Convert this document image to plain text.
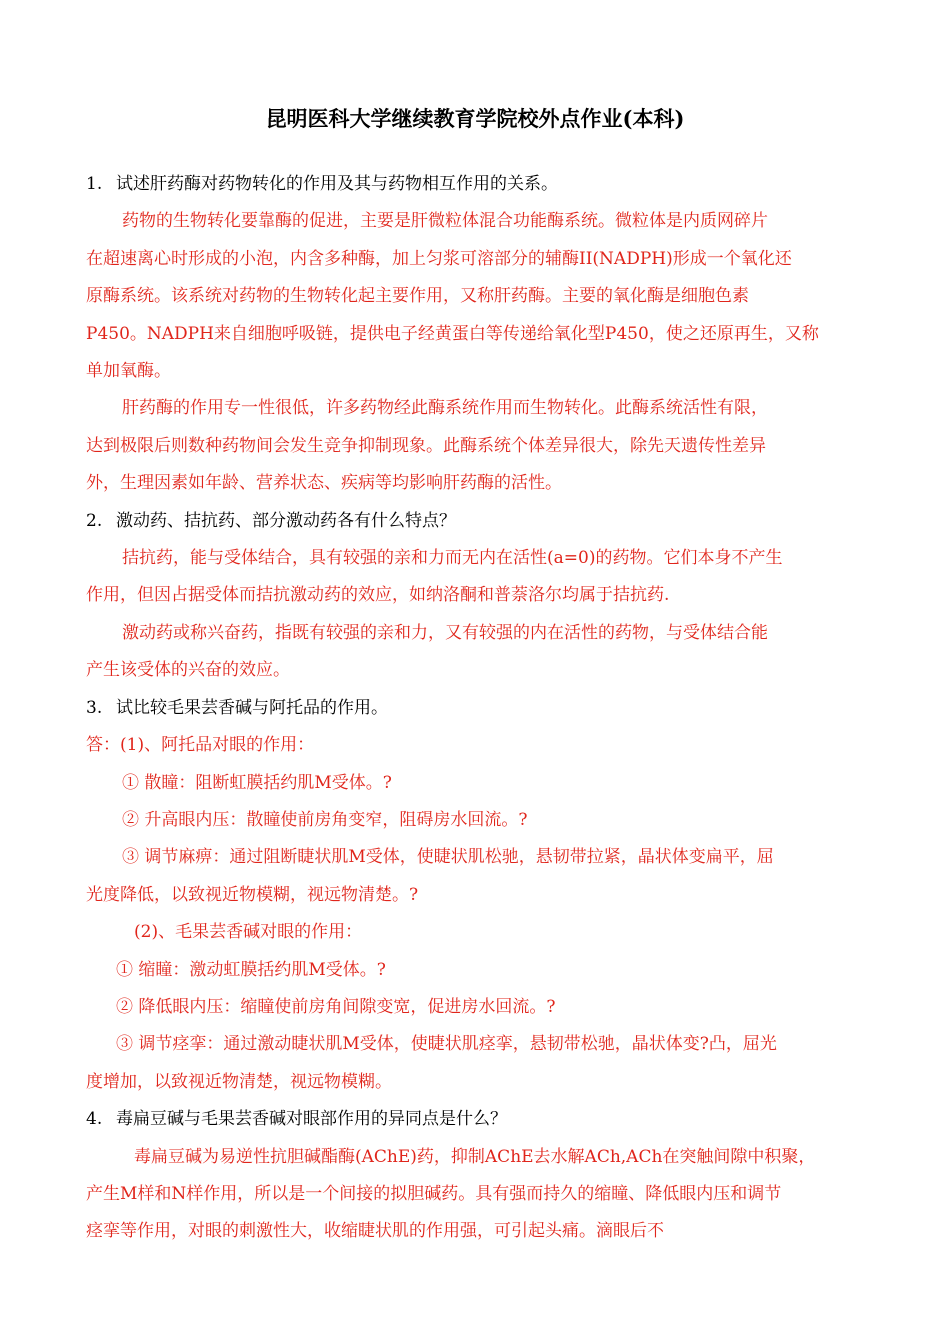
昆明医科大学继续教育学院校外点作业(本科)

1. 试述肝药酶对药物转化的作用及其与药物相互作用的关系。

药物的生物转化要靠酶的促进，主要是肝微粒体混合功能酶系统。微粒体是内质网碎片

在超速离心时形成的小泡，内含多种酶，加上匀浆可溶部分的辅酶II(NADPH)形成一个氧化还

原酶系统。该系统对药物的生物转化起主要作用，又称肝药酶。主要的氧化酶是细胞色素

P450。NADPH来自细胞呼吸链，提供电子经黄蛋白等传递给氧化型P450，使之还原再生，又称

单加氧酶。

肝药酶的作用专一性很低，许多药物经此酶系统作用而生物转化。此酶系统活性有限，

达到极限后则数种药物间会发生竞争抑制现象。此酶系统个体差异很大，除先天遗传性差异

外，生理因素如年龄、营养状态、疾病等均影响肝药酶的活性。

2. 激动药、拮抗药、部分激动药各有什么特点？

拮抗药，能与受体结合，具有较强的亲和力而无内在活性(a=0)的药物。它们本身不产生

作用，但因占据受体而拮抗激动药的效应，如纳洛酮和普萘洛尔均属于拮抗药.

激动药或称兴奋药，指既有较强的亲和力，又有较强的内在活性的药物，与受体结合能

产生该受体的兴奋的效应。

3. 试比较毛果芸香碱与阿托品的作用。

答：(1)、阿托品对眼的作用：

① 散瞳：阻断虹膜括约肌M受体。?

② 升高眼内压：散瞳使前房角变窄，阻碍房水回流。?

③ 调节麻痹：通过阻断睫状肌M受体，使睫状肌松驰，悬韧带拉紧，晶状体变扁平，屈

光度降低，以致视近物模糊，视远物清楚。?

(2)、毛果芸香碱对眼的作用：

① 缩瞳：激动虹膜括约肌M受体。?

② 降低眼内压：缩瞳使前房角间隙变宽，促进房水回流。?

③ 调节痉挛：通过激动睫状肌M受体，使睫状肌痉挛，悬韧带松驰，晶状体变?凸，屈光

度增加，以致视近物清楚，视远物模糊。

4. 毒扁豆碱与毛果芸香碱对眼部作用的异同点是什么？

毒扁豆碱为易逆性抗胆碱酯酶(AChE)药，抑制AChE去水解ACh,ACh在突触间隙中积聚，

产生M样和N样作用，所以是一个间接的拟胆碱药。具有强而持久的缩瞳、降低眼内压和调节

痉挛等作用，对眼的刺激性大，收缩睫状肌的作用强，可引起头痛。滴眼后不
